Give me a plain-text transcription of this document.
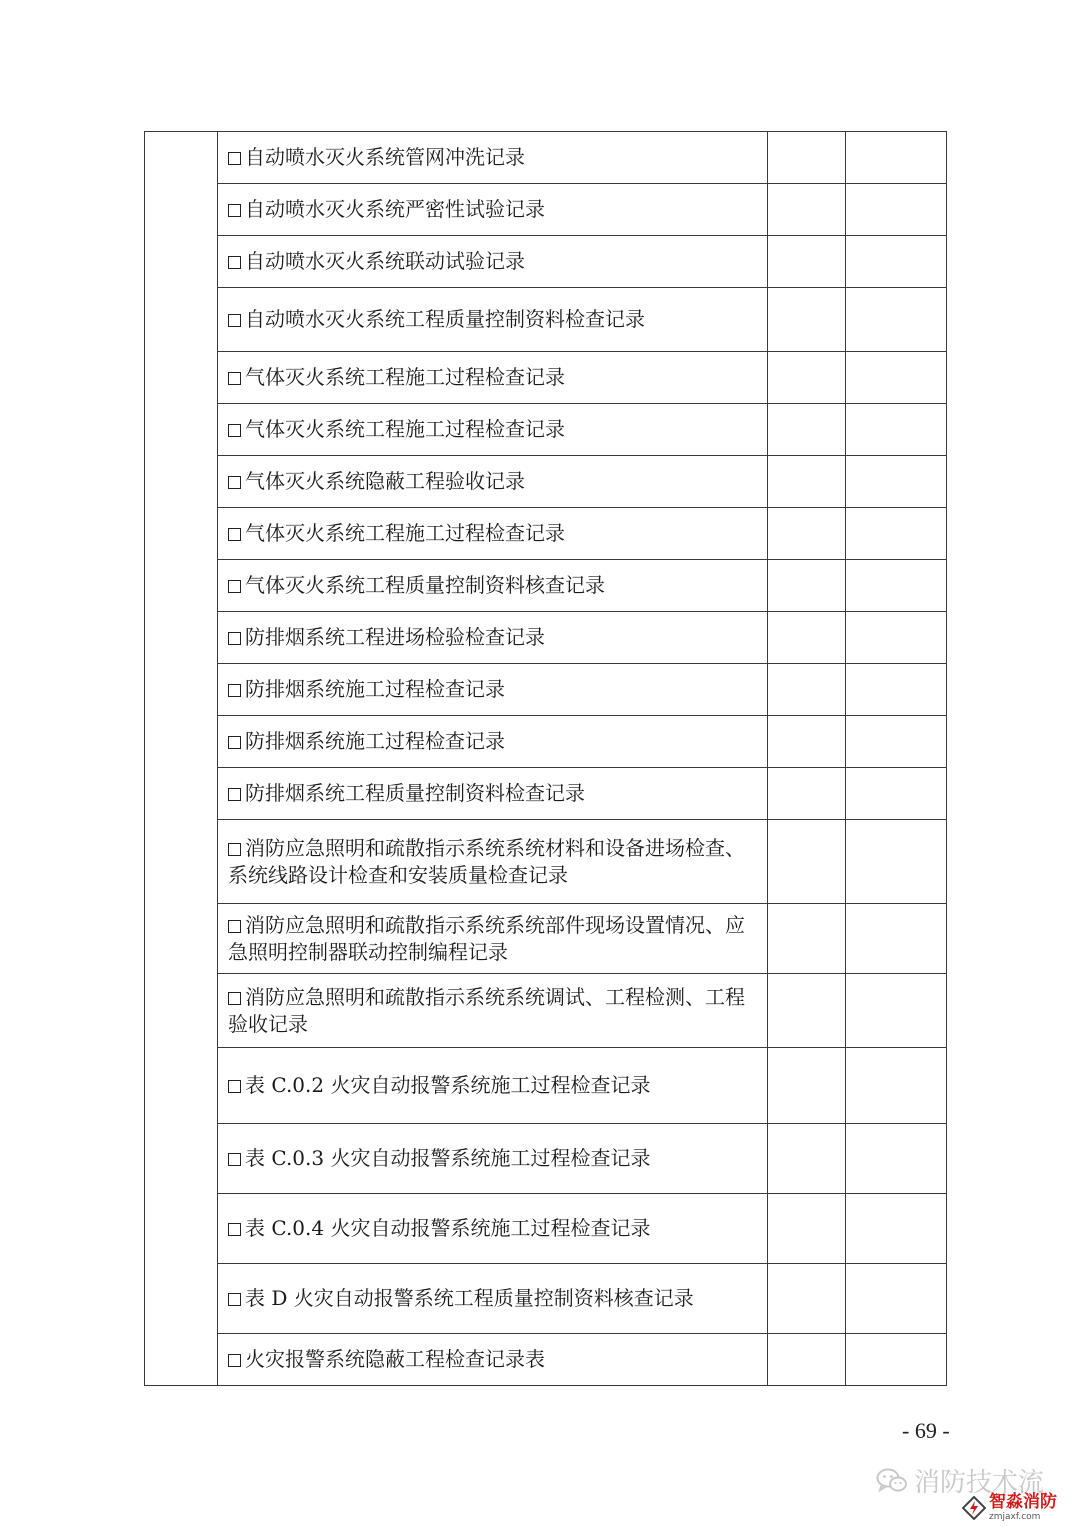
	自动喷水灭火系统管网冲洗记录		
	自动喷水灭火系统严密性试验记录		
	自动喷水灭火系统联动试验记录		
	自动喷水灭火系统工程质量控制资料检查记录		
	气体灭火系统工程施工过程检查记录		
	气体灭火系统工程施工过程检查记录		
	气体灭火系统隐蔽工程验收记录		
	气体灭火系统工程施工过程检查记录		
	气体灭火系统工程质量控制资料核查记录		
	防排烟系统工程进场检验检查记录		
	防排烟系统施工过程检查记录		
	防排烟系统施工过程检查记录		
	防排烟系统工程质量控制资料检查记录		
	消防应急照明和疏散指示系统系统材料和设备进场检查、系统线路设计检查和安装质量检查记录		
	消防应急照明和疏散指示系统系统部件现场设置情况、应急照明控制器联动控制编程记录		
	消防应急照明和疏散指示系统系统调试、工程检测、工程验收记录		
	表 C.0.2 火灾自动报警系统施工过程检查记录		
	表 C.0.3 火灾自动报警系统施工过程检查记录		
	表 C.0.4 火灾自动报警系统施工过程检查记录		
	表 D 火灾自动报警系统工程质量控制资料核查记录		
	火灾报警系统隐蔽工程检查记录表		
- 69 -
消防技术流
智淼消防
zmjaxf.com
